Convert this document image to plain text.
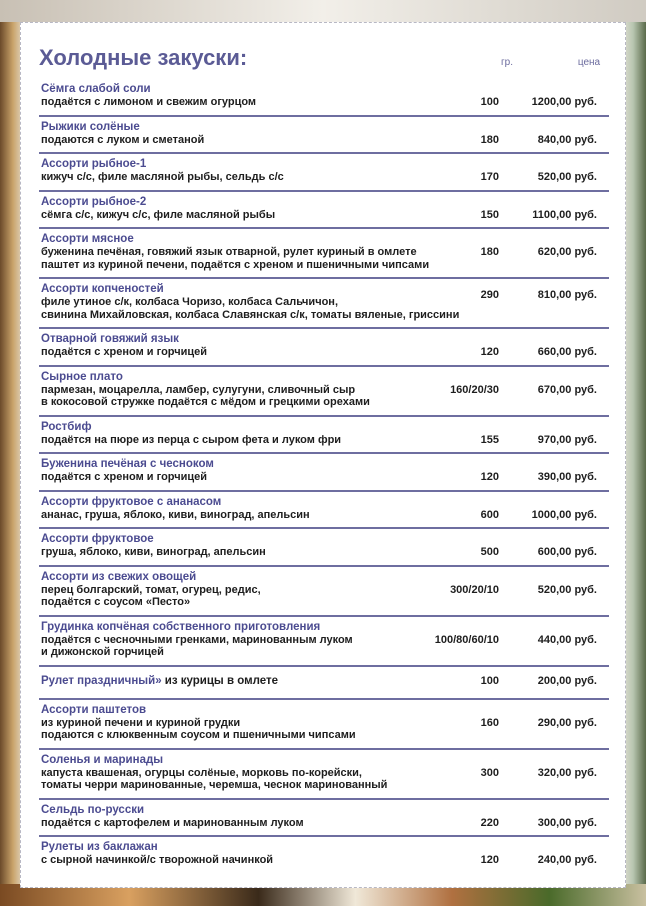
Холодные закуски:	гр.	цена
Сёмга слабой соли
подаётся с лимоном и свежим огурцом	100	1200,00 руб.
Рыжики солёные
подаются с луком и сметаной	180	840,00 руб.
Ассорти рыбное-1
кижуч с/с, филе масляной рыбы, сельдь с/с	170	520,00 руб.
Ассорти рыбное-2
сёмга с/с, кижуч с/с, филе масляной рыбы	150	1100,00 руб.
Ассорти мясное
буженина печёная, говяжий язык отварной, рулет куриный в омлете
паштет из куриной печени, подаётся с хреном и пшеничными чипсами
180	620,00 руб.
Ассорти копченостей
филе утиное с/к, колбаса Чоризо, колбаса Сальчичон,
свинина Михайловская, колбаса Славянская с/к, томаты вяленые, гриссини
290	810,00 руб.
Отварной говяжий язык
подаётся с хреном и горчицей	120	660,00 руб.
Сырное плато
пармезан, моцарелла, ламбер, сулугуни, сливочный сыр
в кокосовой стружке подаётся с мёдом и грецкими орехами
160/20/30	670,00 руб.
Ростбиф
подаётся на пюре из перца с сыром фета и луком фри	155	970,00 руб.
Буженина печёная с чесноком
подаётся с хреном и горчицей	120	390,00 руб.
Ассорти фруктовое с ананасом
ананас, груша, яблоко, киви, виноград, апельсин	600	1000,00 руб.
Ассорти фруктовое
груша, яблоко, киви, виноград, апельсин	500	600,00 руб.
Ассорти из свежих овощей
перец болгарский, томат, огурец, редис,
подаётся с соусом «Песто»
300/20/10	520,00 руб.
Грудинка копчёная собственного приготовления
подаётся с чесночными гренками, маринованным луком
и дижонской горчицей
100/80/60/10	440,00 руб.
Рулет праздничный» из курицы в омлете	100	200,00 руб.
Ассорти паштетов
из куриной печени и куриной грудки
подаются с клюквенным соусом и пшеничными чипсами
160	290,00 руб.
Соленья и маринады
капуста квашеная, огурцы солёные, морковь по-корейски,
томаты черри маринованные, черемша, чеснок маринованный
300	320,00 руб.
Сельдь по-русски
подаётся с картофелем и маринованным луком	220	300,00 руб.
Рулеты из баклажан
с сырной начинкой/с творожной начинкой	120	240,00 руб.
